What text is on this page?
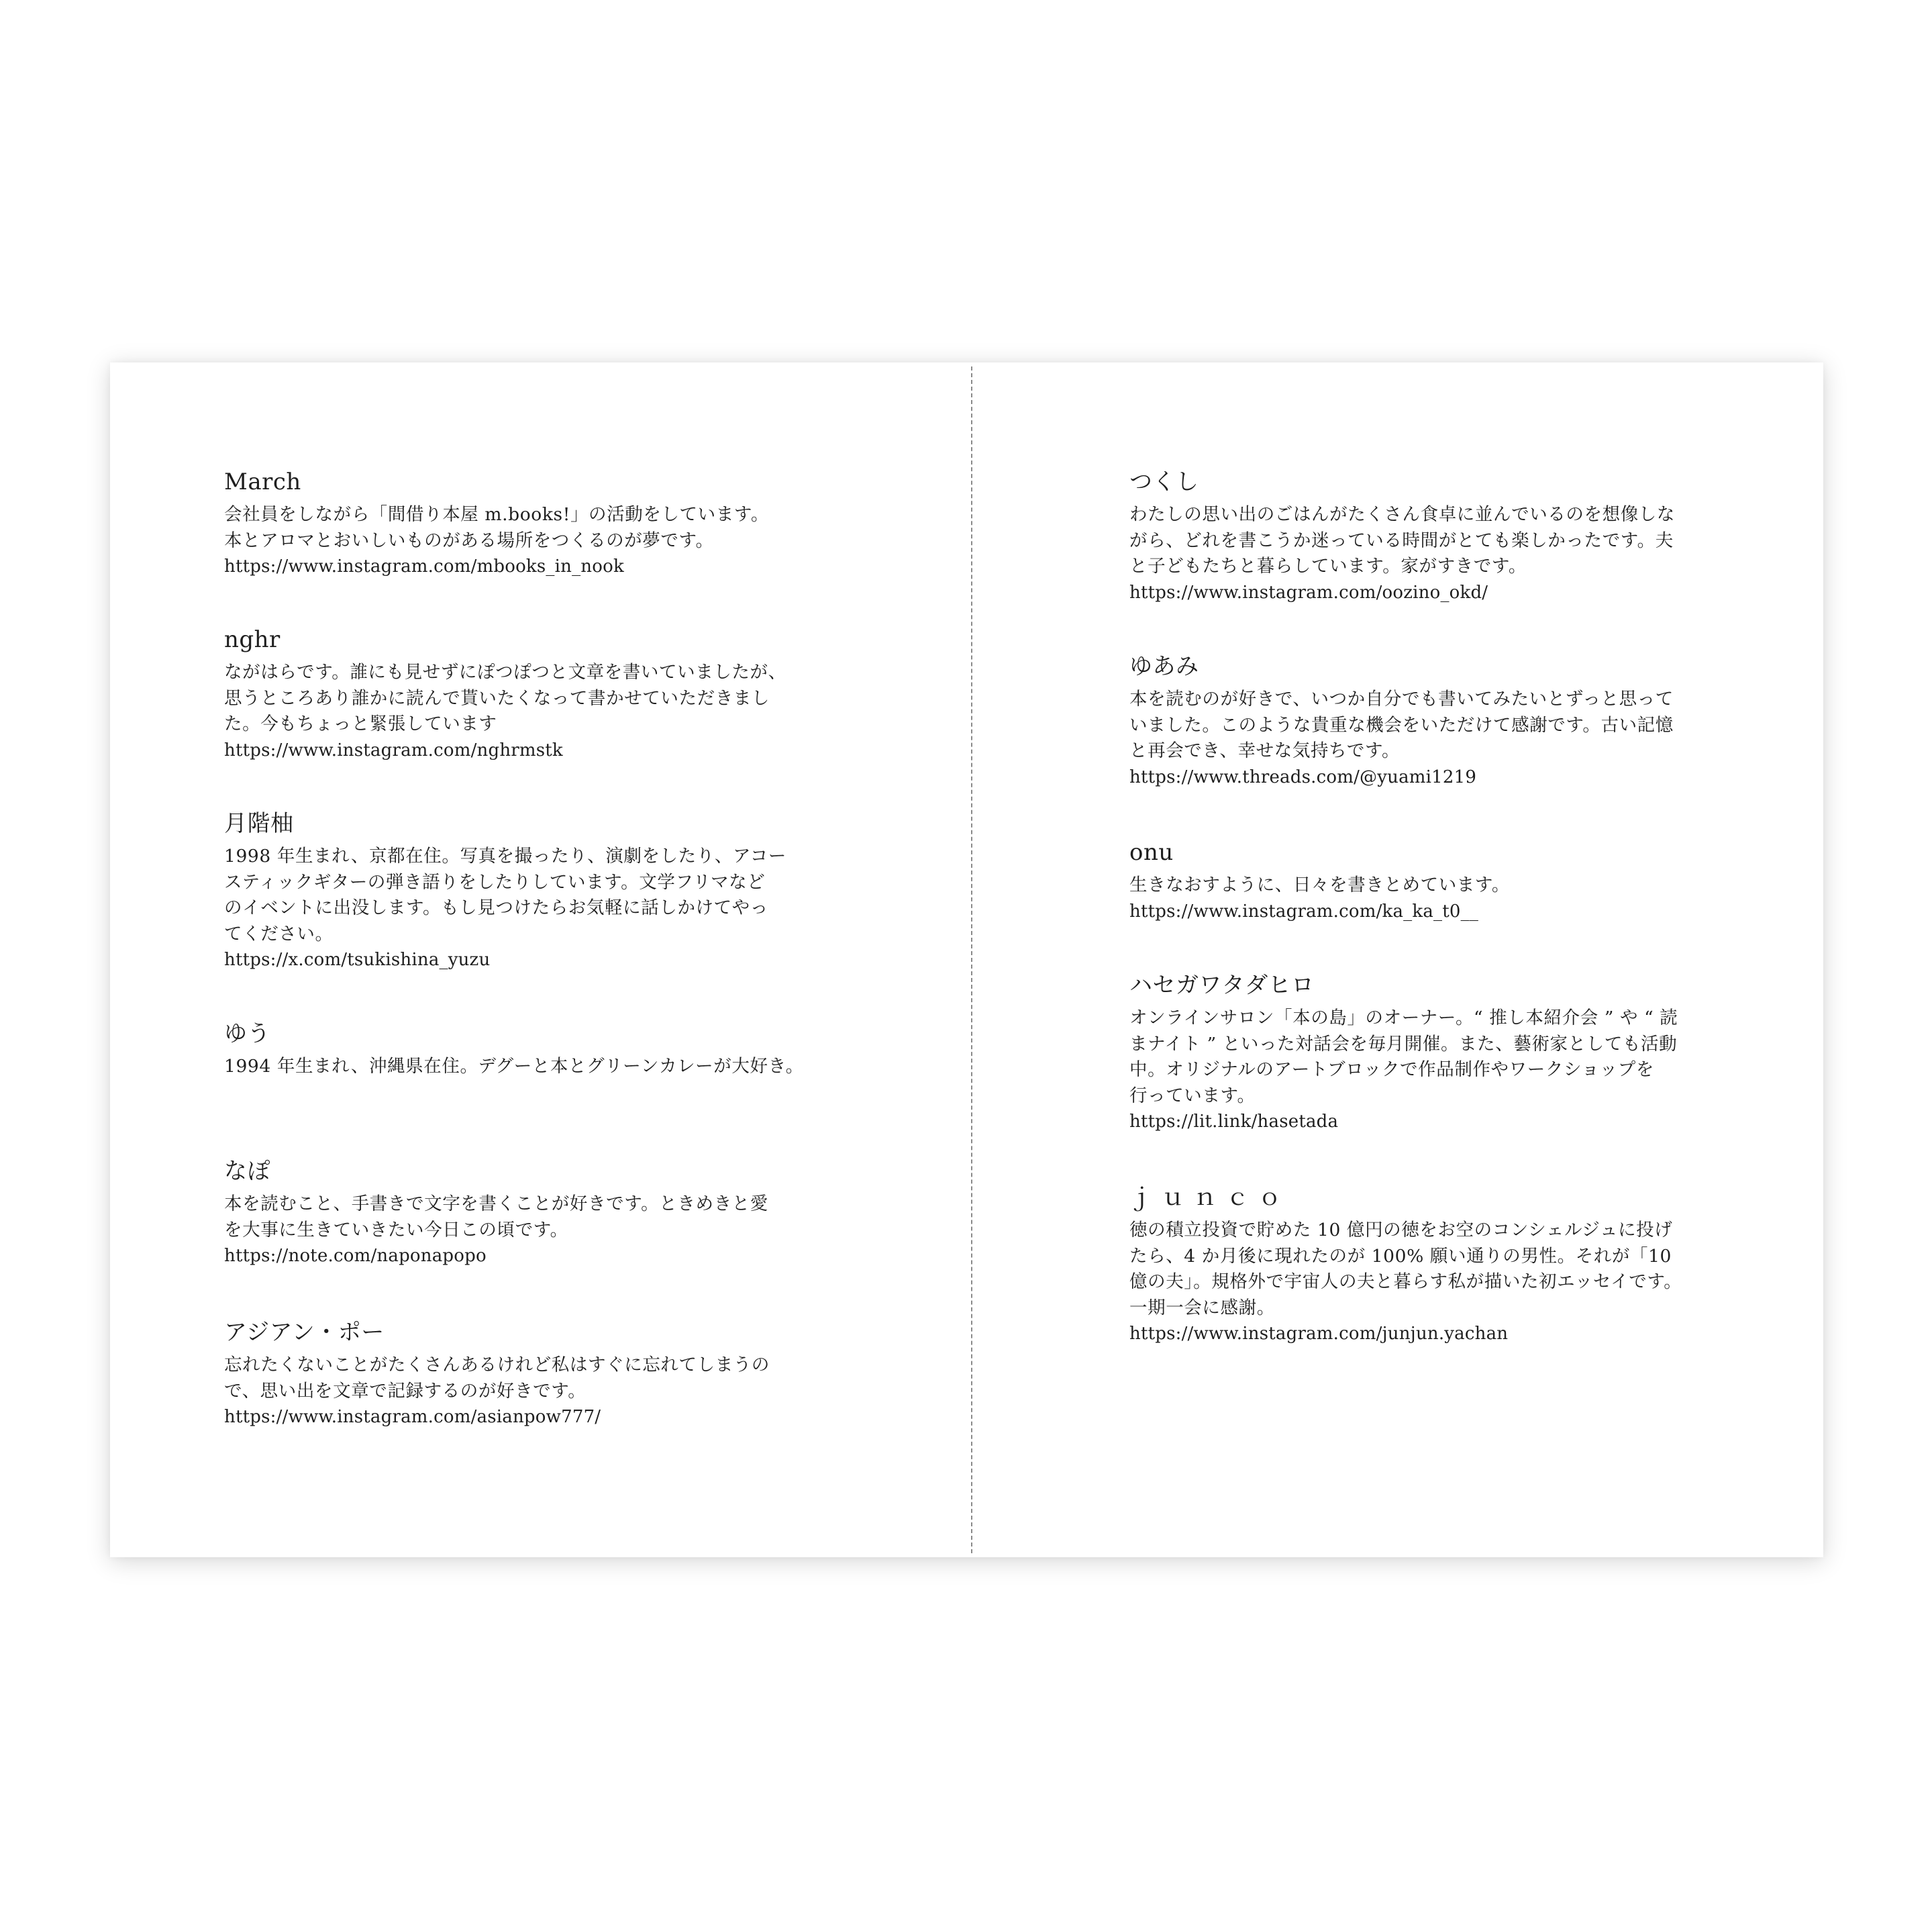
March
会社員をしながら「間借り本屋 m.books!」の活動をしています。
本とアロマとおいしいものがある場所をつくるのが夢です。
https://www.instagram.com/mbooks_in_nook
nghr
ながはらです。誰にも見せずにぽつぽつと文章を書いていましたが、
思うところあり誰かに読んで貰いたくなって書かせていただきまし
た。今もちょっと緊張しています
https://www.instagram.com/nghrmstk
月階柚
1998 年生まれ、京都在住。写真を撮ったり、演劇をしたり、アコー
スティックギターの弾き語りをしたりしています。文学フリマなど
のイベントに出没します。もし見つけたらお気軽に話しかけてやっ
てください。
https://x.com/tsukishina_yuzu
ゆう
1994 年生まれ、沖縄県在住。デグーと本とグリーンカレーが大好き。
なぽ
本を読むこと、手書きで文字を書くことが好きです。ときめきと愛
を大事に生きていきたい今日この頃です。
https://note.com/naponapopo
アジアン・ポー
忘れたくないことがたくさんあるけれど私はすぐに忘れてしまうの
で、思い出を文章で記録するのが好きです。
https://www.instagram.com/asianpow777/
つくし
わたしの思い出のごはんがたくさん食卓に並んでいるのを想像しな
がら、どれを書こうか迷っている時間がとても楽しかったです。夫
と子どもたちと暮らしています。家がすきです。
https://www.instagram.com/oozino_okd/
ゆあみ
本を読むのが好きで、いつか自分でも書いてみたいとずっと思って
いました。このような貴重な機会をいただけて感謝です。古い記憶
と再会でき、幸せな気持ちです。
https://www.threads.com/@yuami1219
onu
生きなおすように、日々を書きとめています。
https://www.instagram.com/ka_ka_t0__
ハセガワタダヒロ
オンラインサロン「本の島」のオーナー。“ 推し本紹介会 ” や “ 読
まナイト ” といった対話会を毎月開催。また、藝術家としても活動
中。オリジナルのアートブロックで作品制作やワークショップを
行っています。
https://lit.link/hasetada
ｊｕｎｃｏ
徳の積立投資で貯めた 10 億円の徳をお空のコンシェルジュに投げ
たら、4 か月後に現れたのが 100% 願い通りの男性。それが「10
億の夫」。規格外で宇宙人の夫と暮らす私が描いた初エッセイです。
一期一会に感謝。
https://www.instagram.com/junjun.yachan
